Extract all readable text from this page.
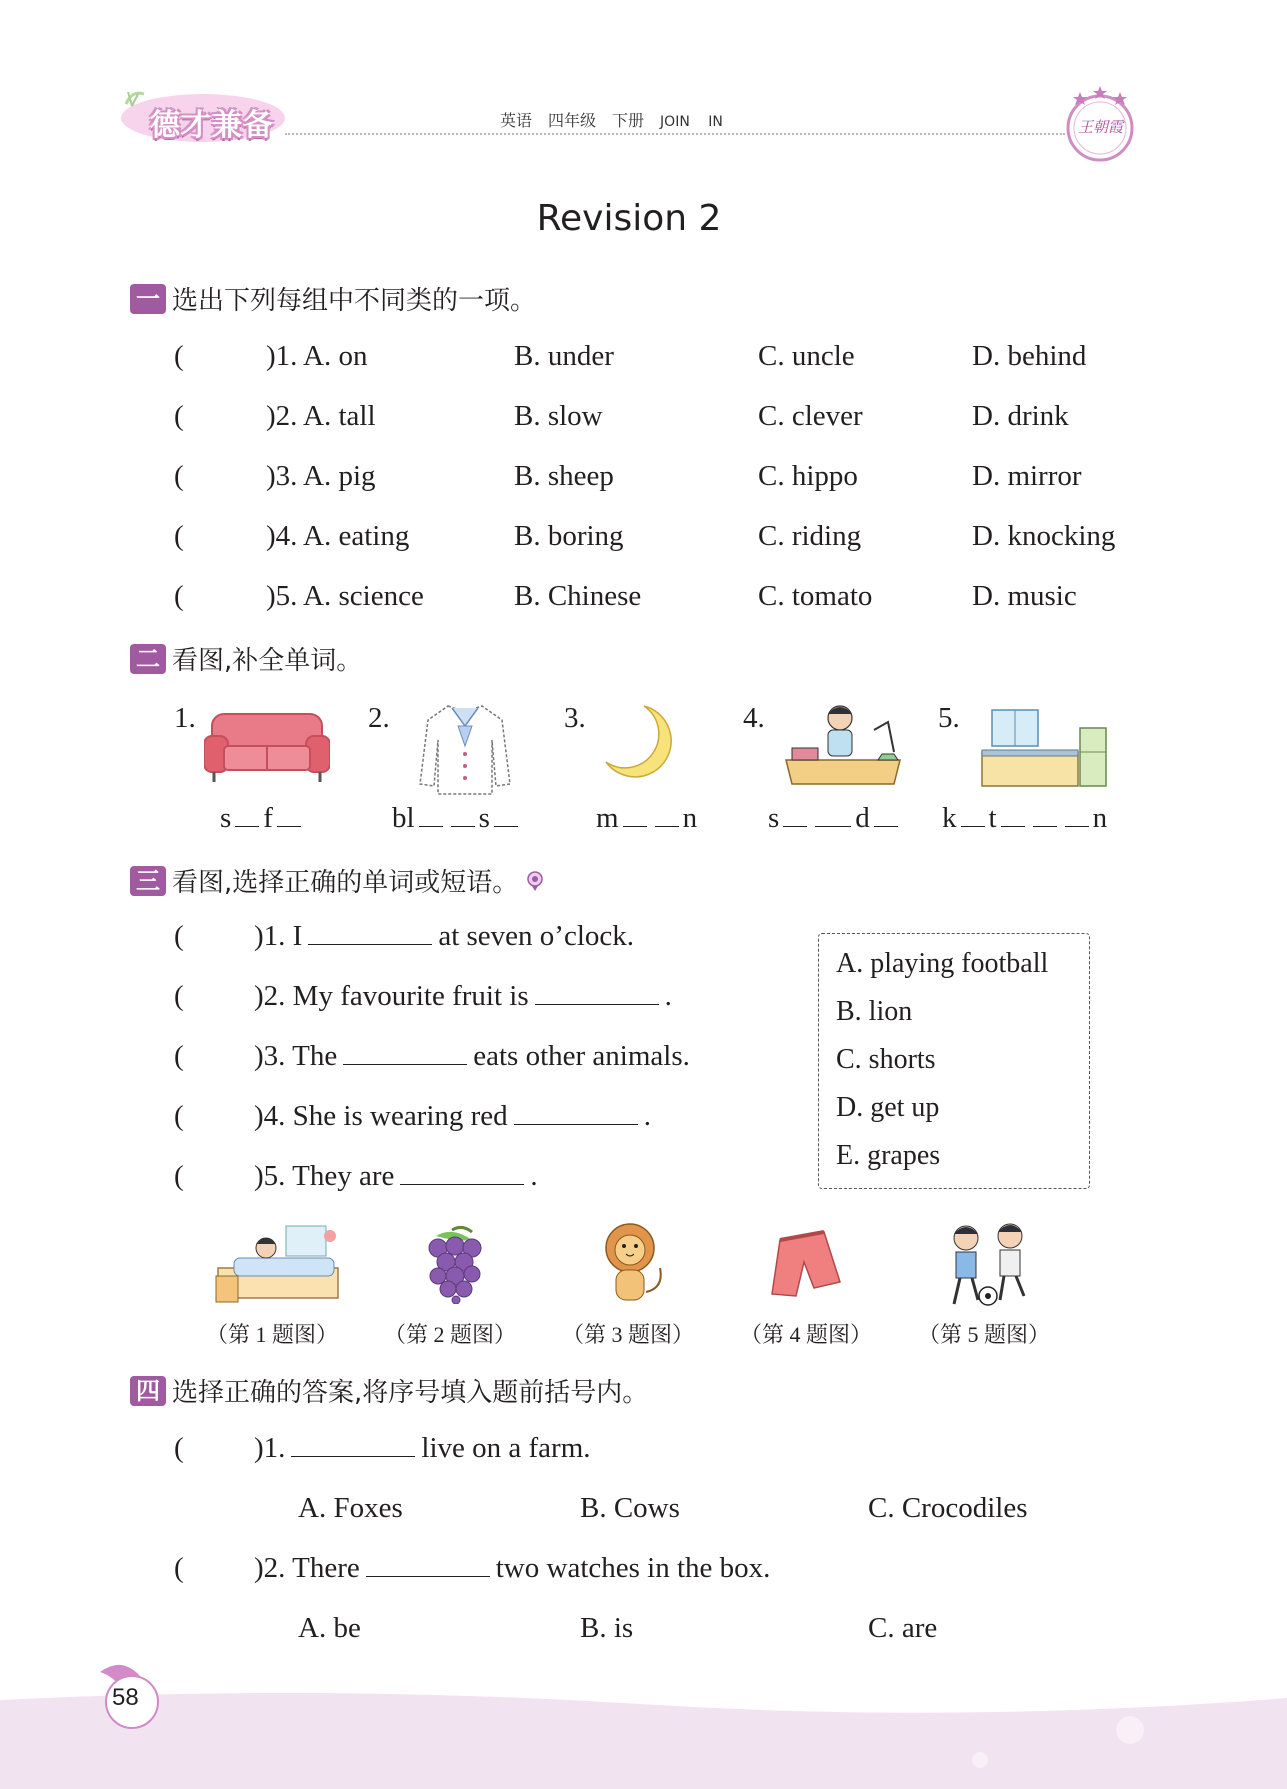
德才兼备	英语 四年级 下册 JOIN IN	王朝霞
Revision 2
一 选出下列每组中不同类的一项。
(	)1. A. on	B. under	C. uncle	D. behind
(	)2. A. tall	B. slow	C. clever	D. drink
(	)3. A. pig	B. sheep	C. hippo	D. mirror
(	)4. A. eating	B. boring	C. riding	D. knocking
(	)5. A. science	B. Chinese	C. tomato	D. music
二 看图,补全单词。
1.	2.	3.	4.	5.
s f	bl s	m n s	d	k t	n
三 看图,选择正确的单词或短语。
( )1. I	at seven o’clock.
( )2. My favourite fruit is	.
( )3. The	eats other animals.
( )4. She is wearing red	.
( )5. They are	.
A. playing football
B. lion
C. shorts
D. get up
E. grapes
（第 1 题图） （第 2 题图） （第 3 题图） （第 4 题图） （第 5 题图）
四 选择正确的答案,将序号填入题前括号内。
( )1.	live on a farm.
A. Foxes	B. Cows	C. Crocodiles
( )2. There	two watches in the box.
A. be	B. is	C. are
58
